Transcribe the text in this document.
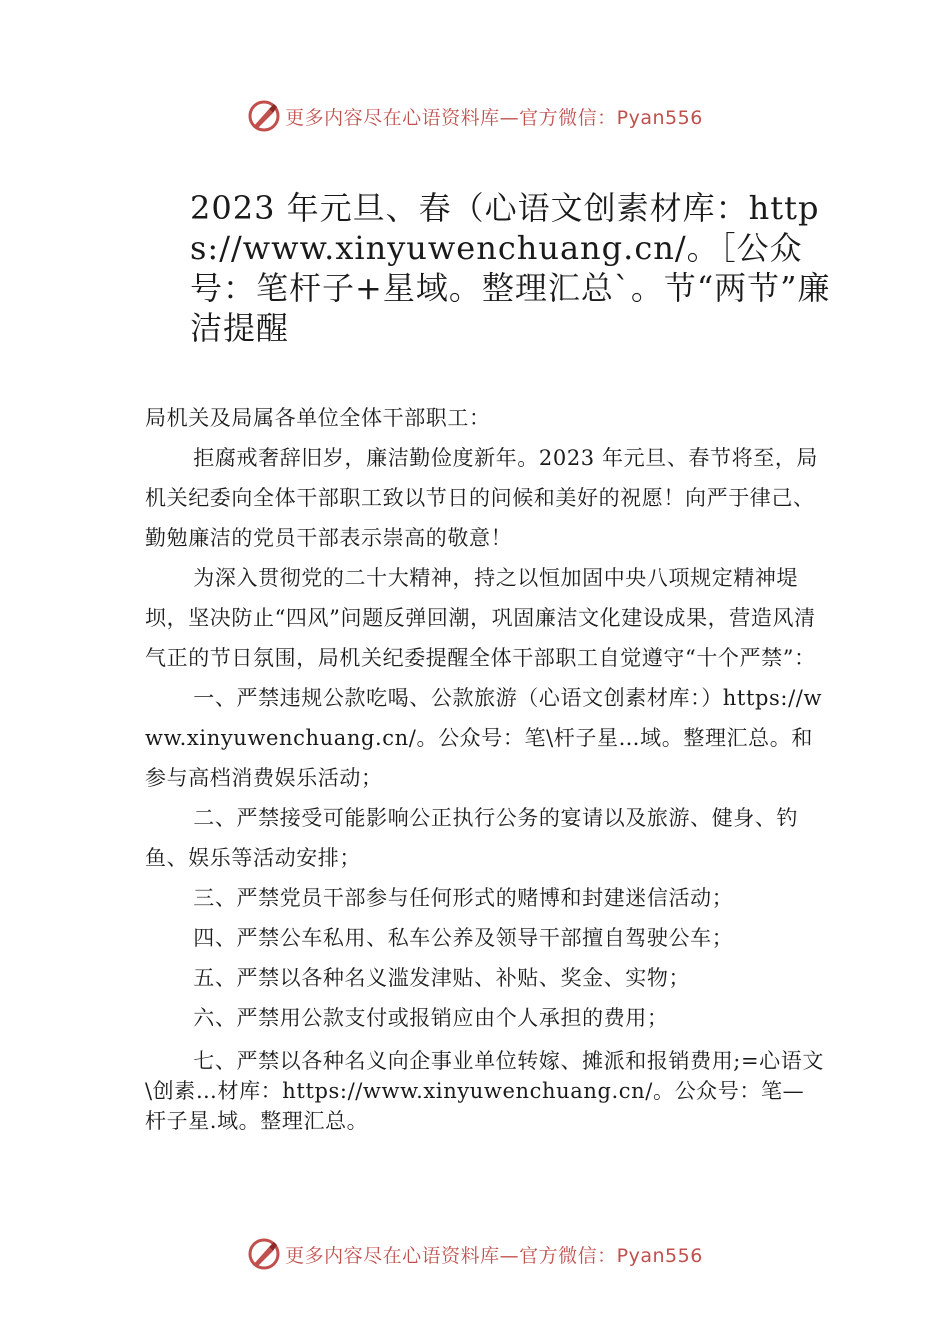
更多内容尽在心语资料库—官方微信：Pyan556
2023 年元旦、春（心语文创素材库：https://www.xinyuwenchuang.cn/。［公众号：笔杆子+星域。整理汇总`。节“两节”廉洁提醒

局机关及局属各单位全体干部职工：

拒腐戒奢辞旧岁，廉洁勤俭度新年。2023 年元旦、春节将至，局机关纪委向全体干部职工致以节日的问候和美好的祝愿！向严于律己、勤勉廉洁的党员干部表示崇高的敬意！

为深入贯彻党的二十大精神，持之以恒加固中央八项规定精神堤坝，坚决防止“四风”问题反弹回潮，巩固廉洁文化建设成果，营造风清气正的节日氛围，局机关纪委提醒全体干部职工自觉遵守“十个严禁”：

一、严禁违规公款吃喝、公款旅游（心语文创素材库：）https://www.xinyuwenchuang.cn/。公众号：笔\杆子星…域。整理汇总。和参与高档消费娱乐活动；

二、严禁接受可能影响公正执行公务的宴请以及旅游、健身、钓鱼、娱乐等活动安排；

三、严禁党员干部参与任何形式的赌博和封建迷信活动；

四、严禁公车私用、私车公养及领导干部擅自驾驶公车；

五、严禁以各种名义滥发津贴、补贴、奖金、实物；

六、严禁用公款支付或报销应由个人承担的费用；

七、严禁以各种名义向企事业单位转嫁、摊派和报销费用;=心语文\创素…材库：https://www.xinyuwenchuang.cn/。公众号：笔—杆子星.域。整理汇总。

更多内容尽在心语资料库—官方微信：Pyan556
